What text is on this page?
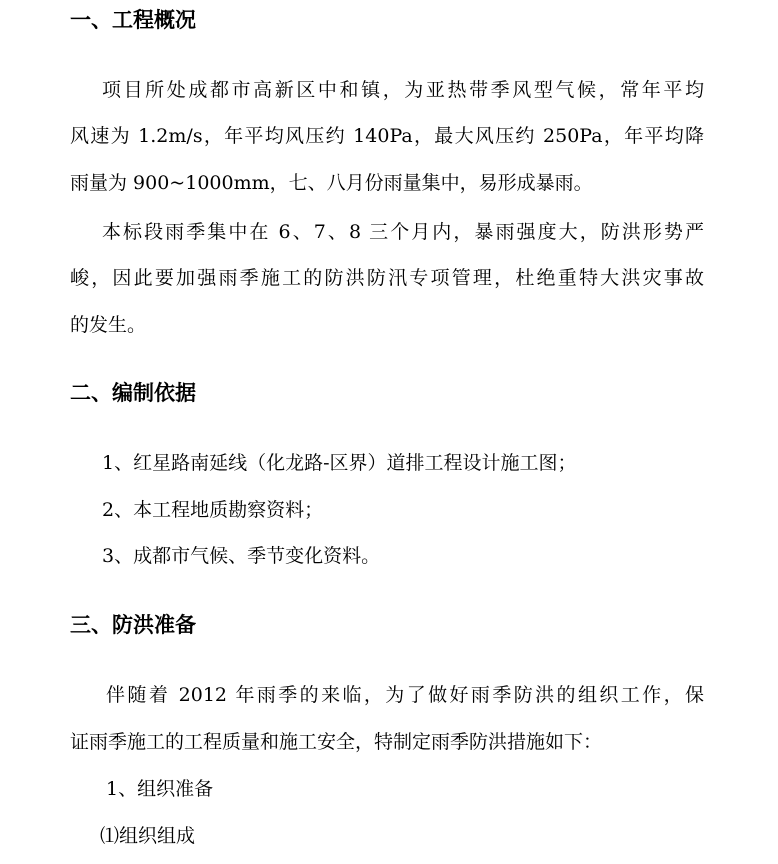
一、工程概况

项目所处成都市高新区中和镇，为亚热带季风型气候，常年平均

风速为 1.2m/s，年平均风压约 140Pa，最大风压约 250Pa，年平均降

雨量为 900~1000mm，七、八月份雨量集中，易形成暴雨。

本标段雨季集中在 6、7、8 三个月内，暴雨强度大，防洪形势严

峻，因此要加强雨季施工的防洪防汛专项管理，杜绝重特大洪灾事故

的发生。

二、编制依据

1、红星路南延线（化龙路-区界）道排工程设计施工图；

2、本工程地质勘察资料；

3、成都市气候、季节变化资料。

三、防洪准备

伴随着 2012 年雨季的来临，为了做好雨季防洪的组织工作，保

证雨季施工的工程质量和施工安全，特制定雨季防洪措施如下：

1、组织准备

⑴组织组成
